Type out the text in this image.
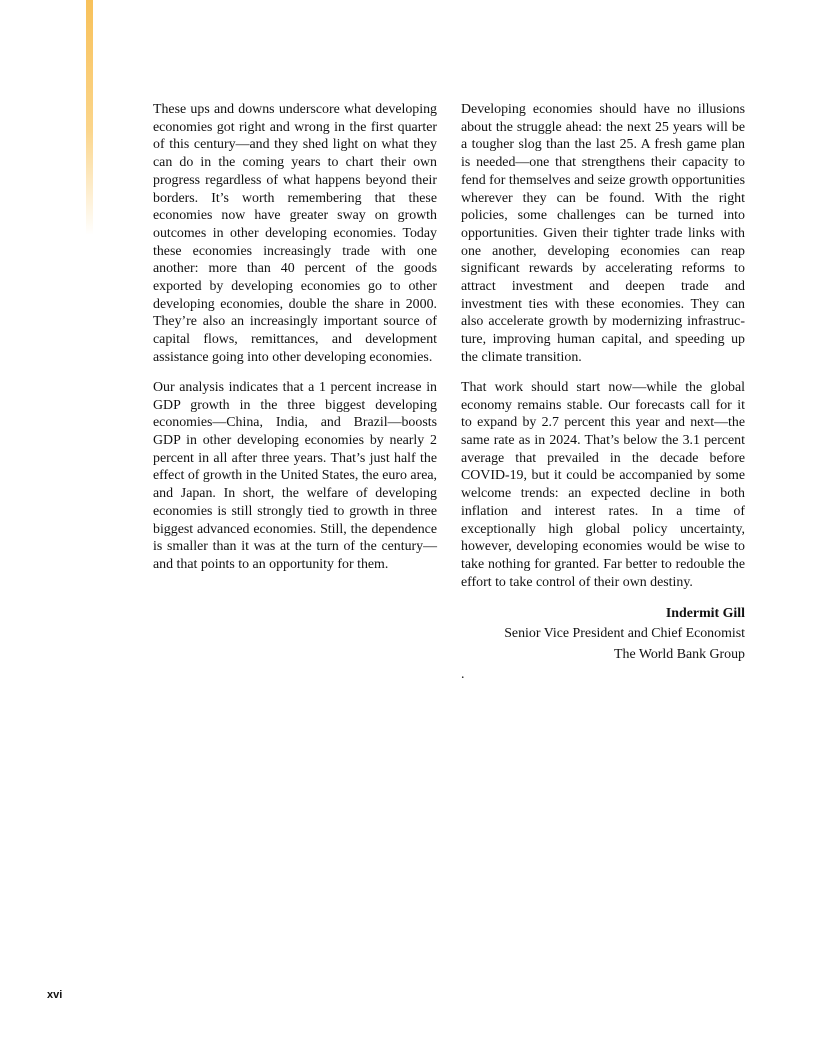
These ups and downs underscore what developing economies got right and wrong in the first quarter of this century—and they shed light on what they can do in the coming years to chart their own progress regardless of what happens beyond their borders. It’s worth remembering that these economies now have greater sway on growth outcomes in other developing economies. Today these economies increasingly trade with one another: more than 40 percent of the goods exported by developing economies go to other developing economies, double the share in 2000. They’re also an increasingly important source of capital flows, remittances, and development assistance going into other developing economies.

Our analysis indicates that a 1 percent increase in GDP growth in the three biggest developing economies—China, India, and Brazil—boosts GDP in other developing economies by nearly 2 percent in all after three years. That’s just half the effect of growth in the United States, the euro area, and Japan. In short, the welfare of developing economies is still strongly tied to growth in three biggest advanced economies. Still, the dependence is smaller than it was at the turn of the century—and that points to an opportunity for them.

Developing economies should have no illusions about the struggle ahead: the next 25 years will be a tougher slog than the last 25. A fresh game plan is needed—one that strengthens their capacity to fend for themselves and seize growth opportunities wherever they can be found. With the right policies, some challenges can be turned into opportunities. Given their tighter trade links with one another, developing economies can reap significant rewards by accelerating reforms to attract investment and deepen trade and investment ties with these economies. They can also accelerate growth by modernizing infrastructure, improving human capital, and speeding up the climate transition.

That work should start now—while the global economy remains stable. Our forecasts call for it to expand by 2.7 percent this year and next—the same rate as in 2024. That’s below the 3.1 percent average that prevailed in the decade before COVID-19, but it could be accompanied by some welcome trends: an expected decline in both inflation and interest rates. In a time of exceptionally high global policy uncertainty, however, developing economies would be wise to take nothing for granted. Far better to redouble the effort to take control of their own destiny.

Indermit Gill
Senior Vice President and Chief Economist
The World Bank Group
.
xvi
